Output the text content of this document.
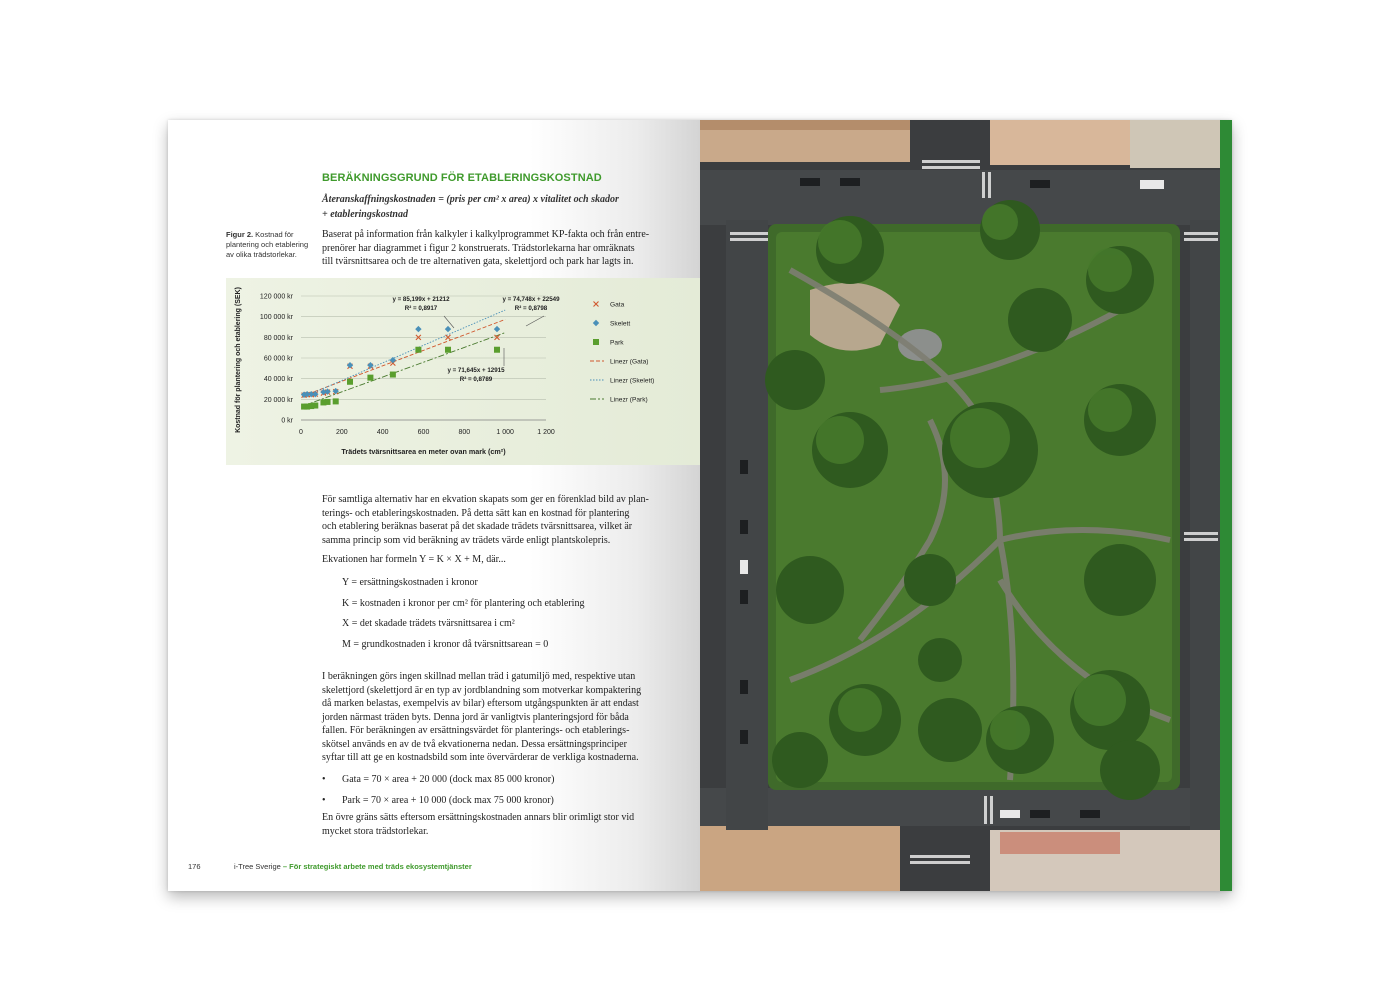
BERÄKNINGSGRUND FÖR ETABLERINGSKOSTNAD
Återanskaffningskostnaden = (pris per cm² x area) x vitalitet och skador
+ etableringskostnad
Figur 2. Kostnad för plantering och etablering av olika trädstorlekar.
Baserat på information från kalkyler i kalkylprogrammet KP-fakta och från entre-
prenörer har diagrammet i figur 2 konstruerats. Trädstorlekarna har omräknats
till tvärsnittsarea och de tre alternativen gata, skelettjord och park har lagts in.
0 kr
20 000 kr
40 000 kr
60 000 kr
80 000 kr
100 000 kr
120 000 kr
0	200	400	600	800	1 000	1 200
Trädets tvärsnittsarea en meter ovan mark (cm²)
Kostnad för plantering och etablering (SEK)	y = 85,199x + 21212
R² = 0,8917
y = 74,748x + 22549
R² = 0,8798
y = 71,645x + 12915
R² = 0,8789
Gata
Skelett
Park
Linezr (Gata)
Linezr (Skelett)
Linezr (Park)
För samtliga alternativ har en ekvation skapats som ger en förenklad bild av plan-
terings- och etableringskostnaden. På detta sätt kan en kostnad för plantering
och etablering beräknas baserat på det skadade trädets tvärsnittsarea, vilket är
samma princip som vid beräkning av trädets värde enligt plantskolepris.
Ekvationen har formeln Y = K × X + M, där...
Y = ersättningskostnaden i kronor
K = kostnaden i kronor per cm² för plantering och etablering
X = det skadade trädets tvärsnittsarea i cm²
M = grundkostnaden i kronor då tvärsnittsarean = 0
I beräkningen görs ingen skillnad mellan träd i gatumiljö med, respektive utan
skelettjord (skelettjord är en typ av jordblandning som motverkar kompaktering
då marken belastas, exempelvis av bilar) eftersom utgångspunkten är att endast
jorden närmast träden byts. Denna jord är vanligtvis planteringsjord för båda
fallen. För beräkningen av ersättningsvärdet för planterings- och etablerings-
skötsel används en av de två ekvationerna nedan. Dessa ersättningsprinciper
syftar till att ge en kostnadsbild som inte övervärderar de verkliga kostnaderna.
• Gata = 70 × area + 20 000 (dock max 85 000 kronor)
• Park = 70 × area + 10 000 (dock max 75 000 kronor)
En övre gräns sätts eftersom ersättningskostnaden annars blir orimligt stor vid
mycket stora trädstorlekar.
176	i-Tree Sverige – För strategiskt arbete med träds ekosystemtjänster
